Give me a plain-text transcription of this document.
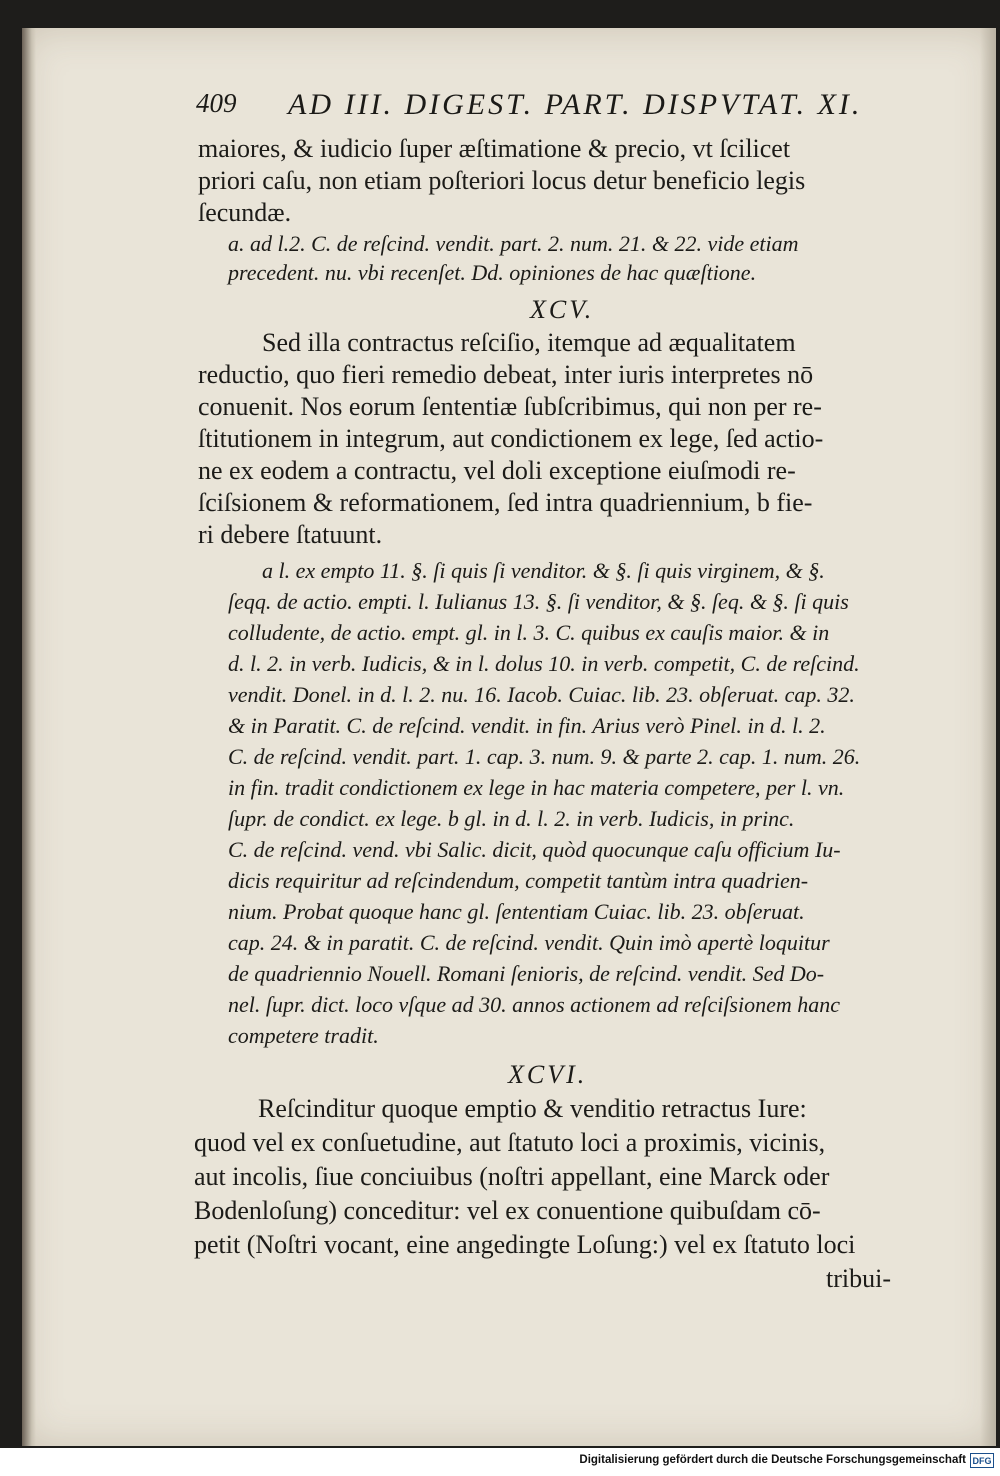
409 AD III. DIGEST. PART. DISPVTAT. XI.
maiores, & iudicio ſuper æſtimatione & precio, vt ſcilicet
priori caſu, non etiam poſteriori locus detur beneficio legis
ſecundæ.
a. ad l.2. C. de reſcind. vendit. part. 2. num. 21. & 22. vide etiam
precedent. nu. vbi recenſet. Dd. opiniones de hac quæſtione.
XCV.
Sed illa contractus reſciſio, itemque ad æqualitatem
reductio, quo fieri remedio debeat, inter iuris interpretes nō
conuenit. Nos eorum ſententiæ ſubſcribimus, qui non per re-
ſtitutionem in integrum, aut condictionem ex lege, ſed actio-
ne ex eodem a contractu, vel doli exceptione eiuſmodi re-
ſciſsionem & reformationem, ſed intra quadriennium, b fie-
ri debere ſtatuunt.
a l. ex empto 11. §. ſi quis ſi venditor. & §. ſi quis virginem, & §.
ſeqq. de actio. empti. l. Iulianus 13. §. ſi venditor, & §. ſeq. & §. ſi quis
colludente, de actio. empt. gl. in l. 3. C. quibus ex cauſis maior. & in
d. l. 2. in verb. Iudicis, & in l. dolus 10. in verb. competit, C. de reſcind.
vendit. Donel. in d. l. 2. nu. 16. Iacob. Cuiac. lib. 23. obſeruat. cap. 32.
& in Paratit. C. de reſcind. vendit. in fin. Arius verò Pinel. in d. l. 2.
C. de reſcind. vendit. part. 1. cap. 3. num. 9. & parte 2. cap. 1. num. 26.
in fin. tradit condictionem ex lege in hac materia competere, per l. vn.
ſupr. de condict. ex lege. b gl. in d. l. 2. in verb. Iudicis, in princ.
C. de reſcind. vend. vbi Salic. dicit, quòd quocunque caſu officium Iu-
dicis requiritur ad reſcindendum, competit tantùm intra quadrien-
nium. Probat quoque hanc gl. ſententiam Cuiac. lib. 23. obſeruat.
cap. 24. & in paratit. C. de reſcind. vendit. Quin imò apertè loquitur
de quadriennio Nouell. Romani ſenioris, de reſcind. vendit. Sed Do-
nel. ſupr. dict. loco vſque ad 30. annos actionem ad reſciſsionem hanc
competere tradit.
XCVI.
Reſcinditur quoque emptio & venditio retractus Iure:
quod vel ex conſuetudine, aut ſtatuto loci a proximis, vicinis,
aut incolis, ſiue conciuibus (noſtri appellant, eine Marck oder
Bodenloſung) conceditur: vel ex conuentione quibuſdam cō-
petit (Noſtri vocant, eine angedingte Loſung:) vel ex ſtatuto loci
tribui-
Digitalisierung gefördert durch die Deutsche Forschungsgemeinschaft DFG
